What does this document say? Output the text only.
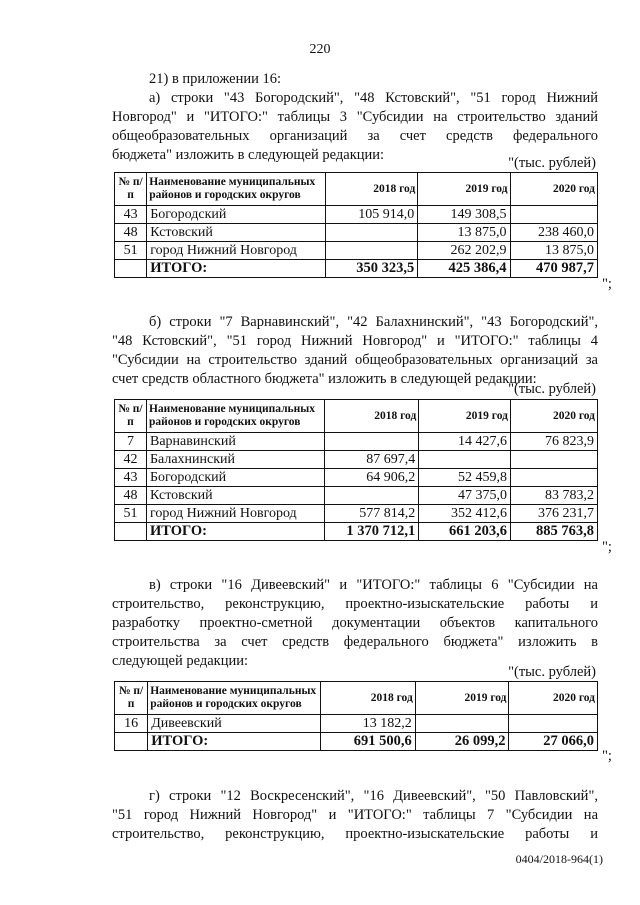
220
21) в приложении 16:
а) строки "43 Богородский", "48 Кстовский", "51 город Нижний
Новгород" и "ИТОГО:" таблицы 3 "Субсидии на строительство зданий
общеобразовательных организаций за счет средств федерального
бюджета" изложить в следующей редакции:	"(тыс. рублей)
№ п/п	Наименование муниципальных районов и городских округов	2018 год	2019 год	2020 год
43	Богородский	105 914,0	149 308,5	
48	Кстовский		13 875,0	238 460,0
51	город Нижний Новгород		262 202,9	13 875,0
	ИТОГО:	350 323,5	425 386,4	470 987,7
";
б) строки "7 Варнавинский", "42 Балахнинский", "43 Богородский",
"48 Кстовский", "51 город Нижний Новгород" и "ИТОГО:" таблицы 4
"Субсидии на строительство зданий общеобразовательных организаций за
счет средств областного бюджета" изложить в следующей редакции:
"(тыс. рублей)
№ п/п	Наименование муниципальных районов и городских округов	2018 год	2019 год	2020 год
7	Варнавинский		14 427,6	76 823,9
42	Балахнинский	87 697,4		
43	Богородский	64 906,2	52 459,8	
48	Кстовский		47 375,0	83 783,2
51	город Нижний Новгород	577 814,2	352 412,6	376 231,7
	ИТОГО:	1 370 712,1	661 203,6	885 763,8
";
в) строки "16 Дивеевский" и "ИТОГО:" таблицы 6 "Субсидии на
строительство, реконструкцию, проектно-изыскательские работы и
разработку проектно-сметной документации объектов капитального
строительства за счет средств федерального бюджета" изложить в
следующей редакции:
"(тыс. рублей)
№ п/п	Наименование муниципальных районов и городских округов	2018 год	2019 год	2020 год
16	Дивеевский	13 182,2		
	ИТОГО:	691 500,6	26 099,2	27 066,0
";
г) строки "12 Воскресенский", "16 Дивеевский", "50 Павловский",
"51 город Нижний Новгород" и "ИТОГО:" таблицы 7 "Субсидии на
строительство, реконструкцию, проектно-изыскательские работы и
0404/2018-964(1)
